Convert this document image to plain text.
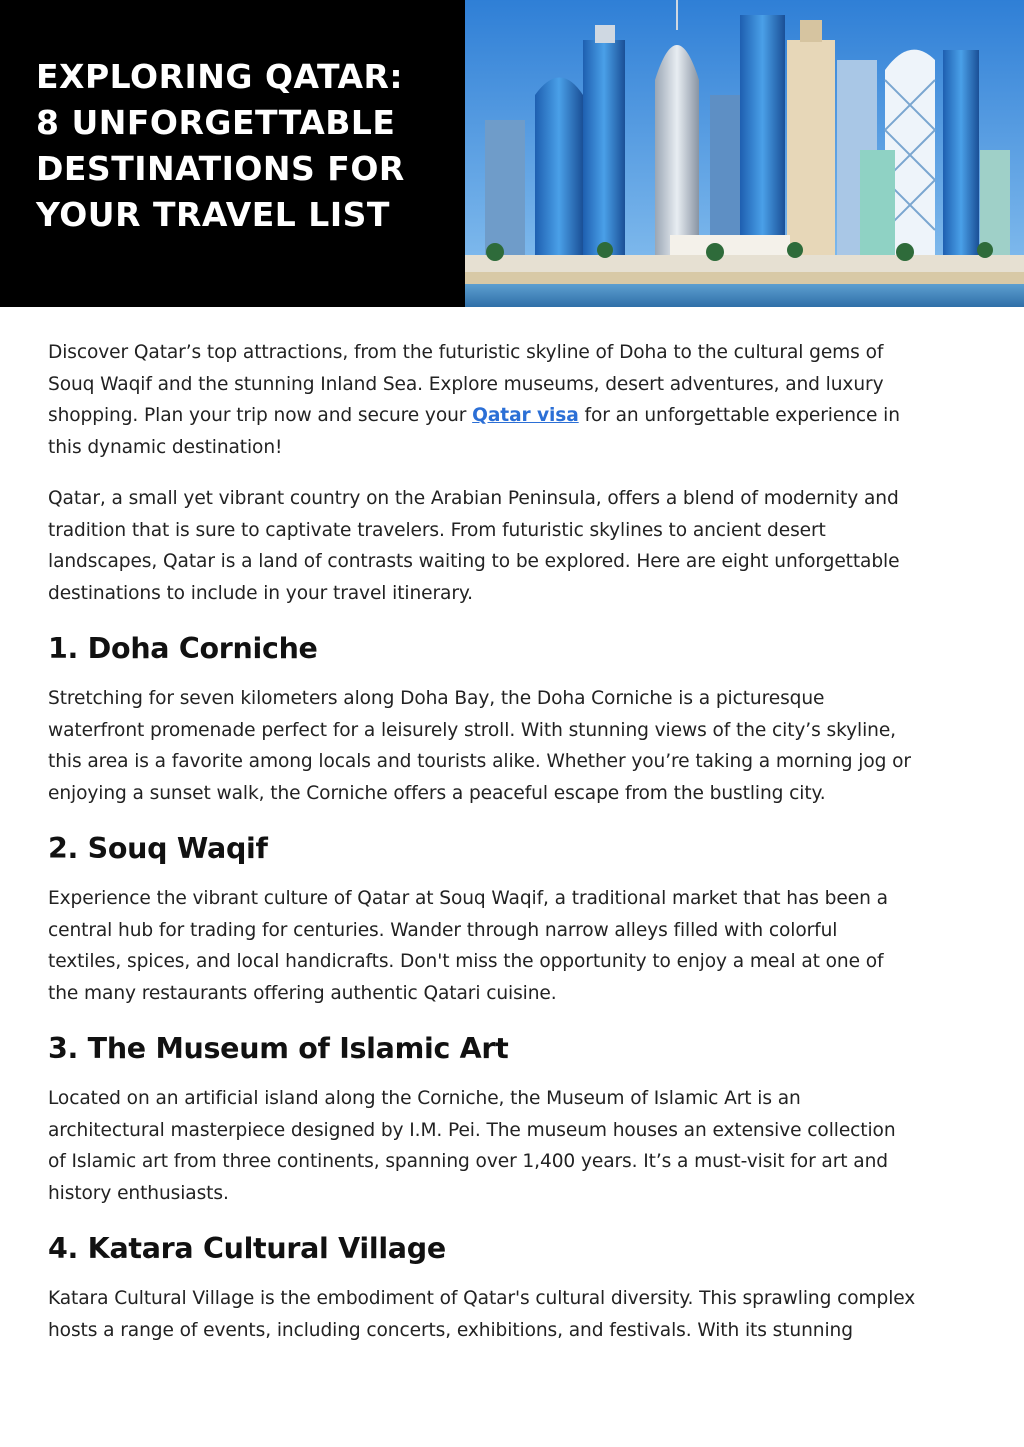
EXPLORING QATAR:
8 UNFORGETTABLE
DESTINATIONS FOR
YOUR TRAVEL LIST

Discover Qatar’s top attractions, from the futuristic skyline of Doha to the cultural gems of
Souq Waqif and the stunning Inland Sea. Explore museums, desert adventures, and luxury
shopping. Plan your trip now and secure your Qatar visa for an unforgettable experience in
this dynamic destination!

Qatar, a small yet vibrant country on the Arabian Peninsula, offers a blend of modernity and
tradition that is sure to captivate travelers. From futuristic skylines to ancient desert
landscapes, Qatar is a land of contrasts waiting to be explored. Here are eight unforgettable
destinations to include in your travel itinerary.

1. Doha Corniche

Stretching for seven kilometers along Doha Bay, the Doha Corniche is a picturesque
waterfront promenade perfect for a leisurely stroll. With stunning views of the city’s skyline,
this area is a favorite among locals and tourists alike. Whether you’re taking a morning jog or
enjoying a sunset walk, the Corniche offers a peaceful escape from the bustling city.

2. Souq Waqif

Experience the vibrant culture of Qatar at Souq Waqif, a traditional market that has been a
central hub for trading for centuries. Wander through narrow alleys filled with colorful
textiles, spices, and local handicrafts. Don't miss the opportunity to enjoy a meal at one of
the many restaurants offering authentic Qatari cuisine.

3. The Museum of Islamic Art

Located on an artificial island along the Corniche, the Museum of Islamic Art is an
architectural masterpiece designed by I.M. Pei. The museum houses an extensive collection
of Islamic art from three continents, spanning over 1,400 years. It’s a must-visit for art and
history enthusiasts.

4. Katara Cultural Village

Katara Cultural Village is the embodiment of Qatar's cultural diversity. This sprawling complex
hosts a range of events, including concerts, exhibitions, and festivals. With its stunning
